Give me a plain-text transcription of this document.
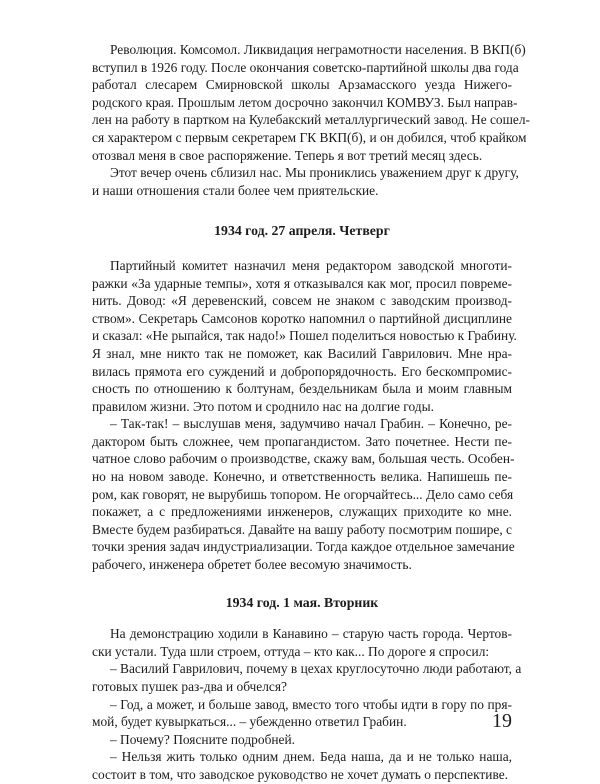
Революция. Комсомол. Ликвидация неграмотности населения. В ВКП(б)

вступил в 1926 году. После окончания советско-партийной школы два года

работал слесарем Смирновской школы Арзамасского уезда Нижего-

родского края. Прошлым летом досрочно закончил КОМВУЗ. Был направ-

лен на работу в партком на Кулебакский металлургический завод. Не сошел-

ся характером с первым секретарем ГК ВКП(б), и он добился, чтоб крайком

отозвал меня в свое распоряжение. Теперь я вот третий месяц здесь.

Этот вечер очень сблизил нас. Мы прониклись уважением друг к другу,

и наши отношения стали более чем приятельские.

1934 год. 27 апреля. Четверг

Партийный комитет назначил меня редактором заводской многоти-

ражки «За ударные темпы», хотя я отказывался как мог, просил повреме-

нить. Довод: «Я деревенский, совсем не знаком с заводским производ-

ством». Секретарь Самсонов коротко напомнил о партийной дисциплине

и сказал: «Не рыпайся, так надо!» Пошел поделиться новостью к Грабину.

Я знал, мне никто так не поможет, как Василий Гаврилович. Мне нра-

вилась прямота его суждений и добропорядочность. Его бескомпромис-

сность по отношению к болтунам, бездельникам была и моим главным

правилом жизни. Это потом и сроднило нас на долгие годы.

– Так-так! – выслушав меня, задумчиво начал Грабин. – Конечно, ре-

дактором быть сложнее, чем пропагандистом. Зато почетнее. Нести пе-

чатное слово рабочим о производстве, скажу вам, большая честь. Особен-

но на новом заводе. Конечно, и ответственность велика. Напишешь пе-

ром, как говорят, не вырубишь топором. Не огорчайтесь... Дело само себя

покажет, а с предложениями инженеров, служащих приходите ко мне.

Вместе будем разбираться. Давайте на вашу работу посмотрим пошире, с

точки зрения задач индустриализации. Тогда каждое отдельное замечание

рабочего, инженера обретет более весомую значимость.

1934 год. 1 мая. Вторник

На демонстрацию ходили в Канавино – старую часть города. Чертов-

ски устали. Туда шли строем, оттуда – кто как... По дороге я спросил:

– Василий Гаврилович, почему в цехах круглосуточно люди работают, а

готовых пушек раз-два и обчелся?

– Год, а может, и больше завод, вместо того чтобы идти в гору по пря-

мой, будет кувыркаться... – убежденно ответил Грабин.

– Почему? Поясните подробней.

– Нельзя жить только одним днем. Беда наша, да и не только наша,

состоит в том, что заводское руководство не хочет думать о перспективе.

19
